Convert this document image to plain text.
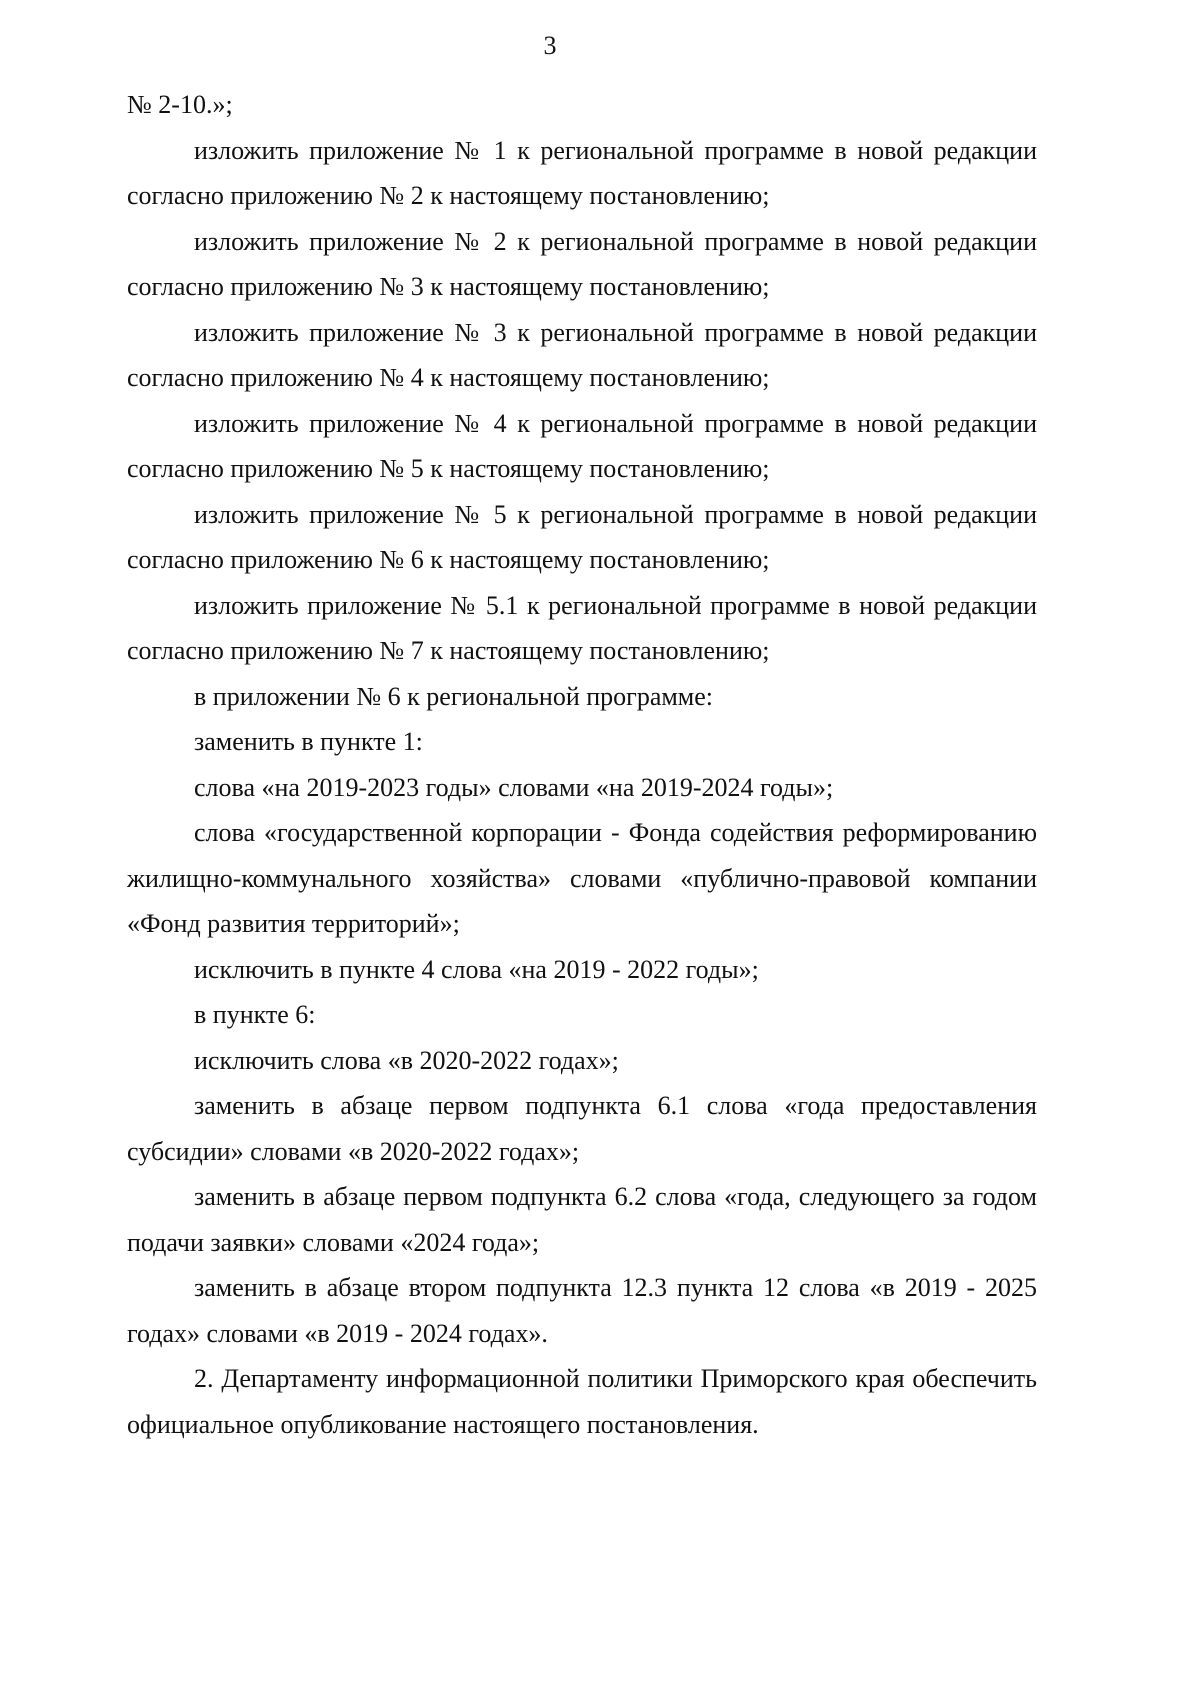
3

№ 2-10.»;

изложить приложение № 1 к региональной программе в новой редакции согласно приложению № 2 к настоящему постановлению;

изложить приложение № 2 к региональной программе в новой редакции согласно приложению № 3 к настоящему постановлению;

изложить приложение № 3 к региональной программе в новой редакции согласно приложению № 4 к настоящему постановлению;

изложить приложение № 4 к региональной программе в новой редакции согласно приложению № 5 к настоящему постановлению;

изложить приложение № 5 к региональной программе в новой редакции согласно приложению № 6 к настоящему постановлению;

изложить приложение № 5.1 к региональной программе в новой редакции согласно приложению № 7 к настоящему постановлению;

в приложении № 6 к региональной программе:

заменить в пункте 1:

слова «на 2019-2023 годы» словами «на 2019-2024 годы»;

слова «государственной корпорации - Фонда содействия реформированию жилищно-коммунального хозяйства» словами «публично-правовой компании «Фонд развития территорий»;

исключить в пункте 4 слова «на 2019 - 2022 годы»;

в пункте 6:

исключить слова «в 2020-2022 годах»;

заменить в абзаце первом подпункта 6.1 слова «года предоставления субсидии» словами «в 2020-2022 годах»;

заменить в абзаце первом подпункта 6.2 слова «года, следующего за годом подачи заявки» словами «2024 года»;

заменить в абзаце втором подпункта 12.3 пункта 12 слова «в 2019 - 2025 годах» словами «в 2019 - 2024 годах».

2. Департаменту информационной политики Приморского края обеспечить официальное опубликование настоящего постановления.
